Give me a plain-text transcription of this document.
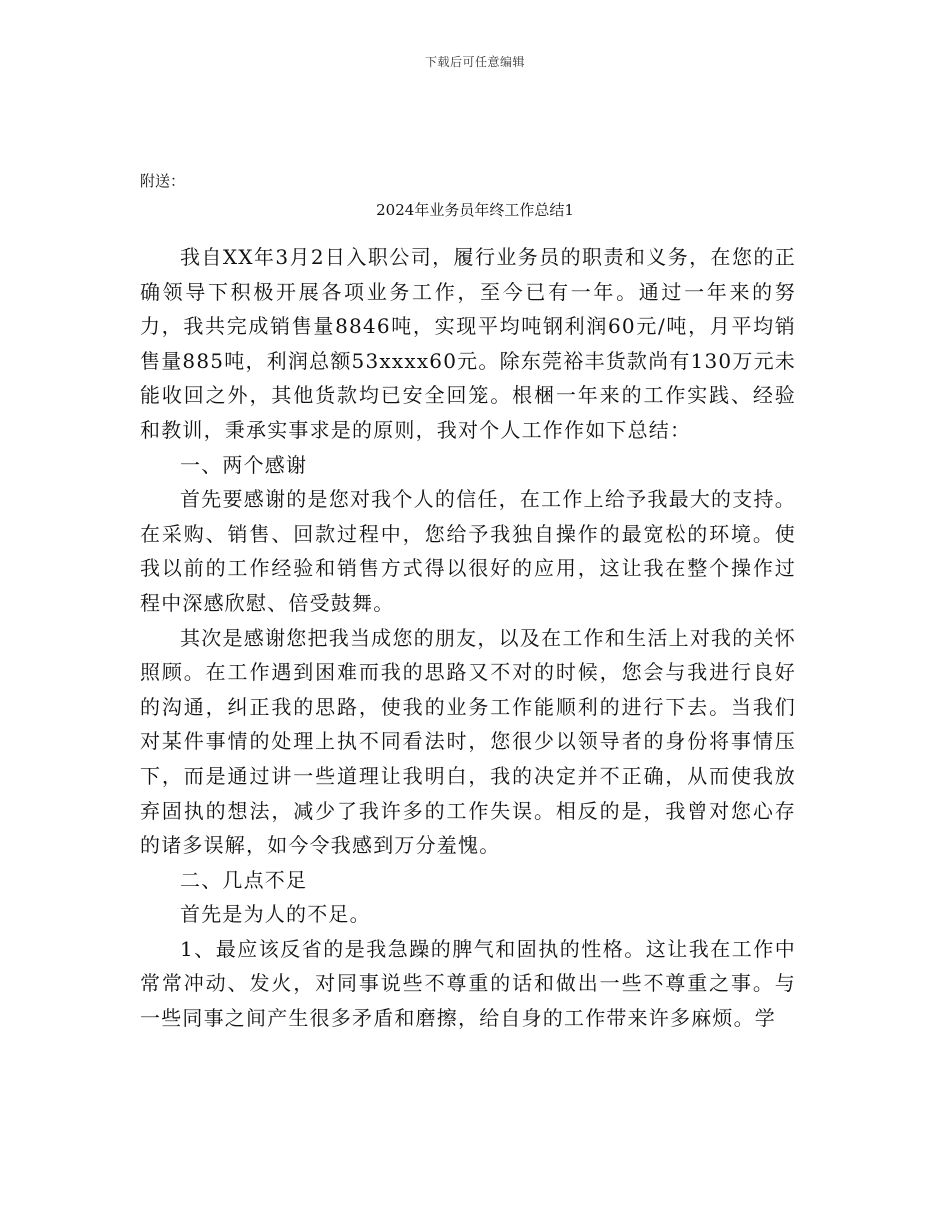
下载后可任意编辑
附送：
2024年业务员年终工作总结1

我自XX年3月2日入职公司，履行业务员的职责和义务，在您的正确领导下积极开展各项业务工作，至今已有一年。通过一年来的努力，我共完成销售量8846吨，实现平均吨钢利润60元/吨，月平均销售量885吨，利润总额53xxxx60元。除东莞裕丰货款尚有130万元未能收回之外，其他货款均已安全回笼。根梱一年来的工作实践、经验和教训，秉承实事求是的原则，我对个人工作作如下总结：

一、两个感谢

首先要感谢的是您对我个人的信任，在工作上给予我最大的支持。在采购、销售、回款过程中，您给予我独自操作的最宽松的环境。使我以前的工作经验和销售方式得以很好的应用，这让我在整个操作过程中深感欣慰、倍受鼓舞。

其次是感谢您把我当成您的朋友，以及在工作和生活上对我的关怀照顾。在工作遇到困难而我的思路又不对的时候，您会与我进行良好的沟通，纠正我的思路，使我的业务工作能顺利的进行下去。当我们对某件事情的处理上执不同看法时，您很少以领导者的身份将事情压下，而是通过讲一些道理让我明白，我的决定并不正确，从而使我放弃固执的想法，减少了我许多的工作失误。相反的是，我曾对您心存的诸多误解，如今令我感到万分羞愧。

二、几点不足

首先是为人的不足。

1、最应该反省的是我急躁的脾气和固执的性格。这让我在工作中常常冲动、发火，对同事说些不尊重的话和做出一些不尊重之事。与一些同事之间产生很多矛盾和磨擦，给自身的工作带来许多麻烦。学
